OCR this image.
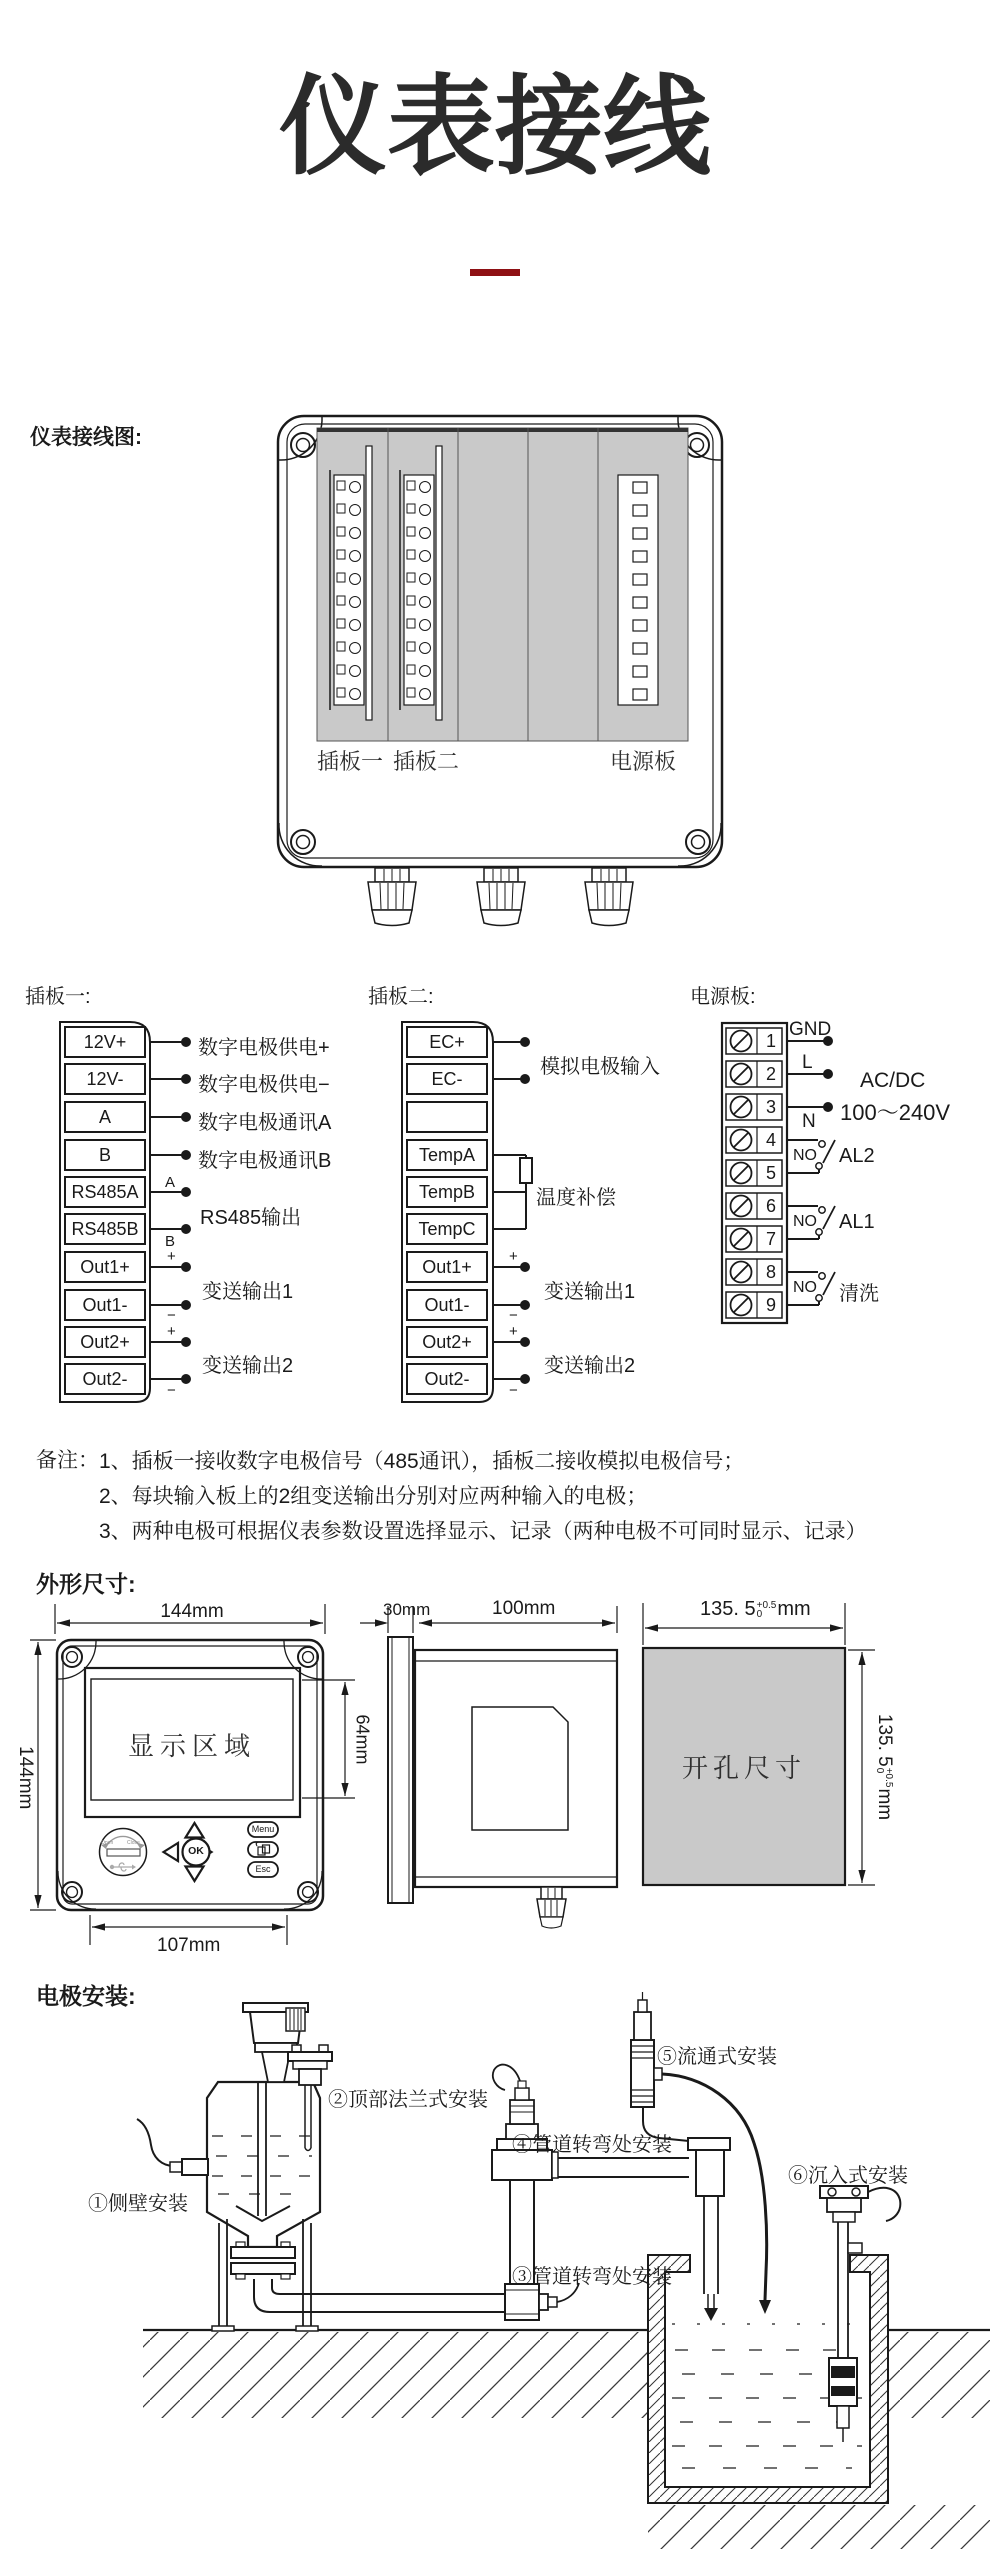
仪表接线
仪表接线图:
插板一 插板二	电源板
插板一:
12V+
12V-
A
B
RS485A
RS485B
Out1+
Out1-
Out2+
Out2-
数字电极供电+
数字电极供电−
数字电极通讯A
数字电极通讯B
RS485输出
变送输出1
变送输出2
A
B
+
−
+
−
插板二:
EC+
EC-
TempA
TempB
TempC
Out1+
Out1-
Out2+
Out2-
模拟电极输入
温度补偿
变送输出1
变送输出2
+
−
+
−
电源板:
1
2
3
4
5
6
7
8
9
GND
L
N
AC/DC
100～240V
NO AL2
NO AL1
NO 清洗
备注： 1、插板一接收数字电极信号（485通讯），插板二接收模拟电极信号；
2、每块输入板上的2组变送输出分别对应两种输入的电极；
3、两种电极可根据仪表参数设置选择显示、记录（两种电极不可同时显示、记录）
外形尺寸:
144mm
144mm
64mm
107mm
显示区域
Menu
OK
Esc
Open	Close
30mm	100mm
开孔尺寸
135. 5 +0.5
0 mm
135. 5
+0.5
0
mm
电极安装:
①侧壁安装
②顶部法兰式安装
③管道转弯处安装
④管道转弯处安装
⑤流通式安装
⑥沉入式安装
